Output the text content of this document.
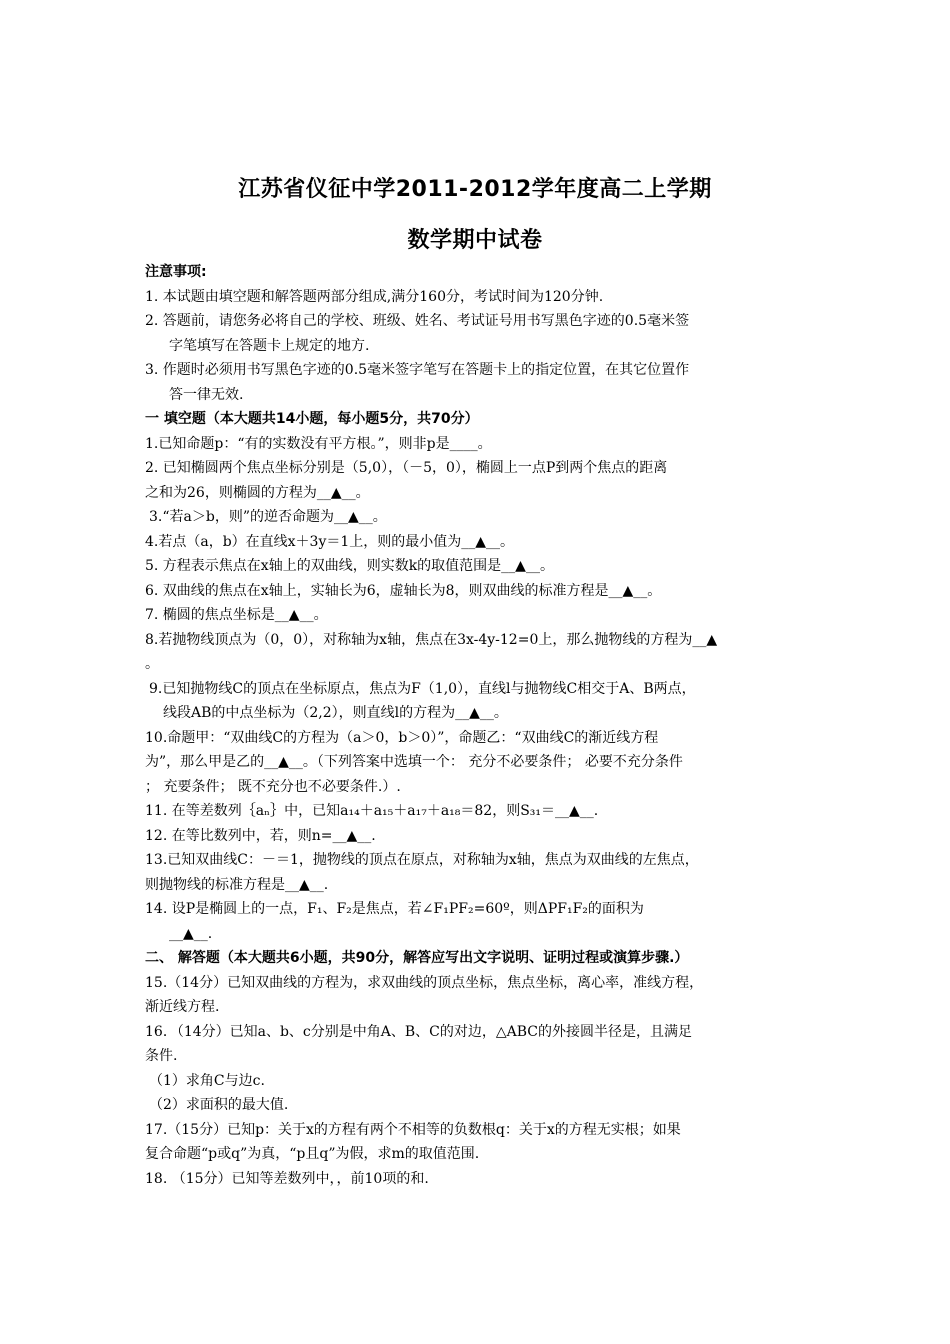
江苏省仪征中学2011-2012学年度高二上学期
数学期中试卷
注意事项:
1. 本试题由填空题和解答题两部分组成,满分160分，考试时间为120分钟.
2. 答题前，请您务必将自己的学校、班级、姓名、考试证号用书写黑色字迹的0.5毫米签
字笔填写在答题卡上规定的地方.
3. 作题时必须用书写黑色字迹的0.5毫米签字笔写在答题卡上的指定位置，在其它位置作
答一律无效.
一 填空题（本大题共14小题，每小题5分，共70分）
1.已知命题p：“有的实数没有平方根。”，则非p是____。
2. 已知椭圆两个焦点坐标分别是（5,0），（－5，0），椭圆上一点P到两个焦点的距离
之和为26，则椭圆的方程为__▲__。
3.“若a＞b，则”的逆否命题为__▲__。
4.若点（a，b）在直线x＋3y＝1上，则的最小值为__▲__。
5. 方程表示焦点在x轴上的双曲线，则实数k的取值范围是__▲__。
6. 双曲线的焦点在x轴上，实轴长为6，虚轴长为8，则双曲线的标准方程是__▲__。
7. 椭圆的焦点坐标是__▲__。
8.若抛物线顶点为（0，0），对称轴为x轴，焦点在3x-4y-12=0上，那么抛物线的方程为__▲
。
9.已知抛物线C的顶点在坐标原点，焦点为F（1,0），直线l与抛物线C相交于A、B两点，
线段AB的中点坐标为（2,2），则直线l的方程为__▲__。
10.命题甲：“双曲线C的方程为（a＞0，b＞0）”，命题乙：“双曲线C的渐近线方程
为”，那么甲是乙的__▲__。（下列答案中选填一个： 充分不必要条件； 必要不充分条件
； 充要条件； 既不充分也不必要条件.）.
11. 在等差数列｛aₙ｝中，已知a₁₄＋a₁₅＋a₁₇＋a₁₈＝82，则S₃₁＝__▲__.
12. 在等比数列中，若，则n=__▲__.
13.已知双曲线C：－＝1，抛物线的顶点在原点，对称轴为x轴，焦点为双曲线的左焦点，
则抛物线的标准方程是__▲__.
14. 设P是椭圆上的一点，F₁、F₂是焦点，若∠F₁PF₂=60º，则ΔPF₁F₂的面积为
__▲__.
二、 解答题（本大题共6小题，共90分，解答应写出文字说明、证明过程或演算步骤.）
15.（14分）已知双曲线的方程为，求双曲线的顶点坐标，焦点坐标，离心率，准线方程，
渐近线方程.
16．（14分）已知a、b、c分别是中角A、B、C的对边，△ABC的外接圆半径是，且满足
条件.
（1）求角C与边c.
（2）求面积的最大值.
17.（15分）已知p：关于x的方程有两个不相等的负数根q：关于x的方程无实根；如果
复合命题“p或q”为真，“p且q”为假，求m的取值范围.
18. （15分）已知等差数列中，，前10项的和.
